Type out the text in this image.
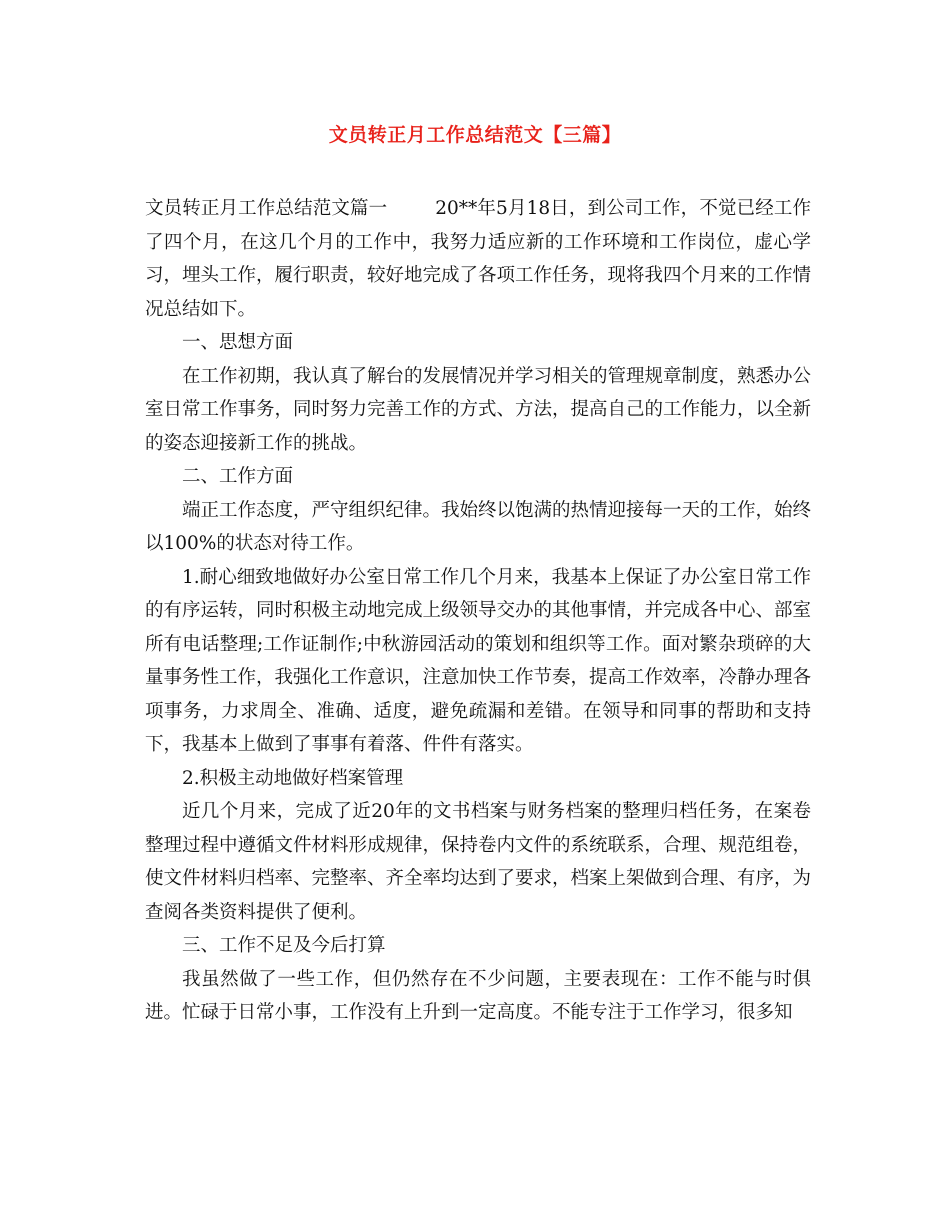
文员转正月工作总结范文【三篇】

文员转正月工作总结范文篇一	20**年5月18日，到公司工作，不觉已经工作了四个月，在这几个月的工作中，我努力适应新的工作环境和工作岗位，虚心学习，埋头工作，履行职责，较好地完成了各项工作任务，现将我四个月来的工作情况总结如下。

一、思想方面

在工作初期，我认真了解台的发展情况并学习相关的管理规章制度，熟悉办公室日常工作事务，同时努力完善工作的方式、方法，提高自己的工作能力，以全新的姿态迎接新工作的挑战。

二、工作方面

端正工作态度，严守组织纪律。我始终以饱满的热情迎接每一天的工作，始终以100%的状态对待工作。

1.耐心细致地做好办公室日常工作几个月来，我基本上保证了办公室日常工作的有序运转，同时积极主动地完成上级领导交办的其他事情，并完成各中心、部室所有电话整理;工作证制作;中秋游园活动的策划和组织等工作。面对繁杂琐碎的大量事务性工作，我强化工作意识，注意加快工作节奏，提高工作效率，冷静办理各项事务，力求周全、准确、适度，避免疏漏和差错。在领导和同事的帮助和支持下，我基本上做到了事事有着落、件件有落实。

2.积极主动地做好档案管理

近几个月来，完成了近20年的文书档案与财务档案的整理归档任务，在案卷整理过程中遵循文件材料形成规律，保持卷内文件的系统联系，合理、规范组卷，使文件材料归档率、完整率、齐全率均达到了要求，档案上架做到合理、有序，为查阅各类资料提供了便利。

三、工作不足及今后打算

我虽然做了一些工作，但仍然存在不少问题，主要表现在：工作不能与时俱进。忙碌于日常小事，工作没有上升到一定高度。不能专注于工作学习，很多知
